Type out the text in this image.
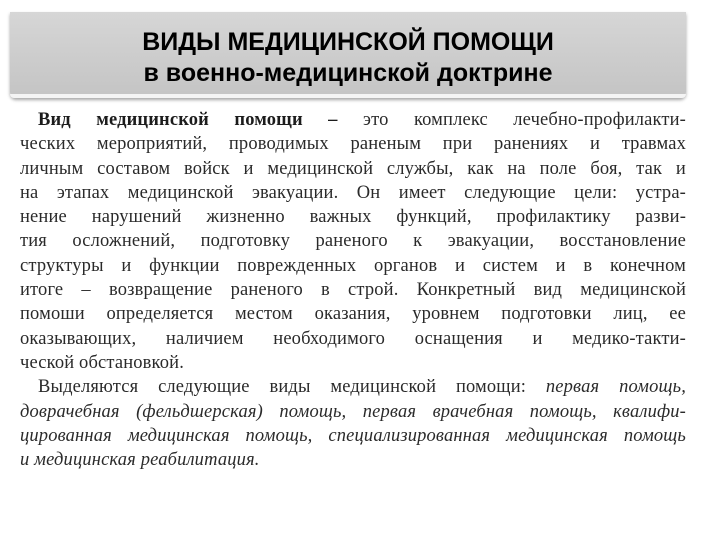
ВИДЫ МЕДИЦИНСКОЙ ПОМОЩИ
в военно-медицинской доктрине
Вид медицинской помощи – это комплекс лечебно-профилакти-
ческих мероприятий, проводимых раненым при ранениях и травмах
личным составом войск и медицинской службы, как на поле боя, так и
на этапах медицинской эвакуации. Он имеет следующие цели: устра-
нение нарушений жизненно важных функций, профилактику разви-
тия осложнений, подготовку раненого к эвакуации, восстановление
структуры и функции поврежденных органов и систем и в конечном
итоге – возвращение раненого в строй. Конкретный вид медицинской
помоши определяется местом оказания, уровнем подготовки лиц, ее
оказывающих, наличием необходимого оснащения и медико-такти-
ческой обстановкой.
Выделяются следующие виды медицинской помощи: первая помощь,
доврачебная (фельдшерская) помощь, первая врачебная помощь, квалифи-
цированная медицинская помощь, специализированная медицинская помощь
и медицинская реабилитация.
